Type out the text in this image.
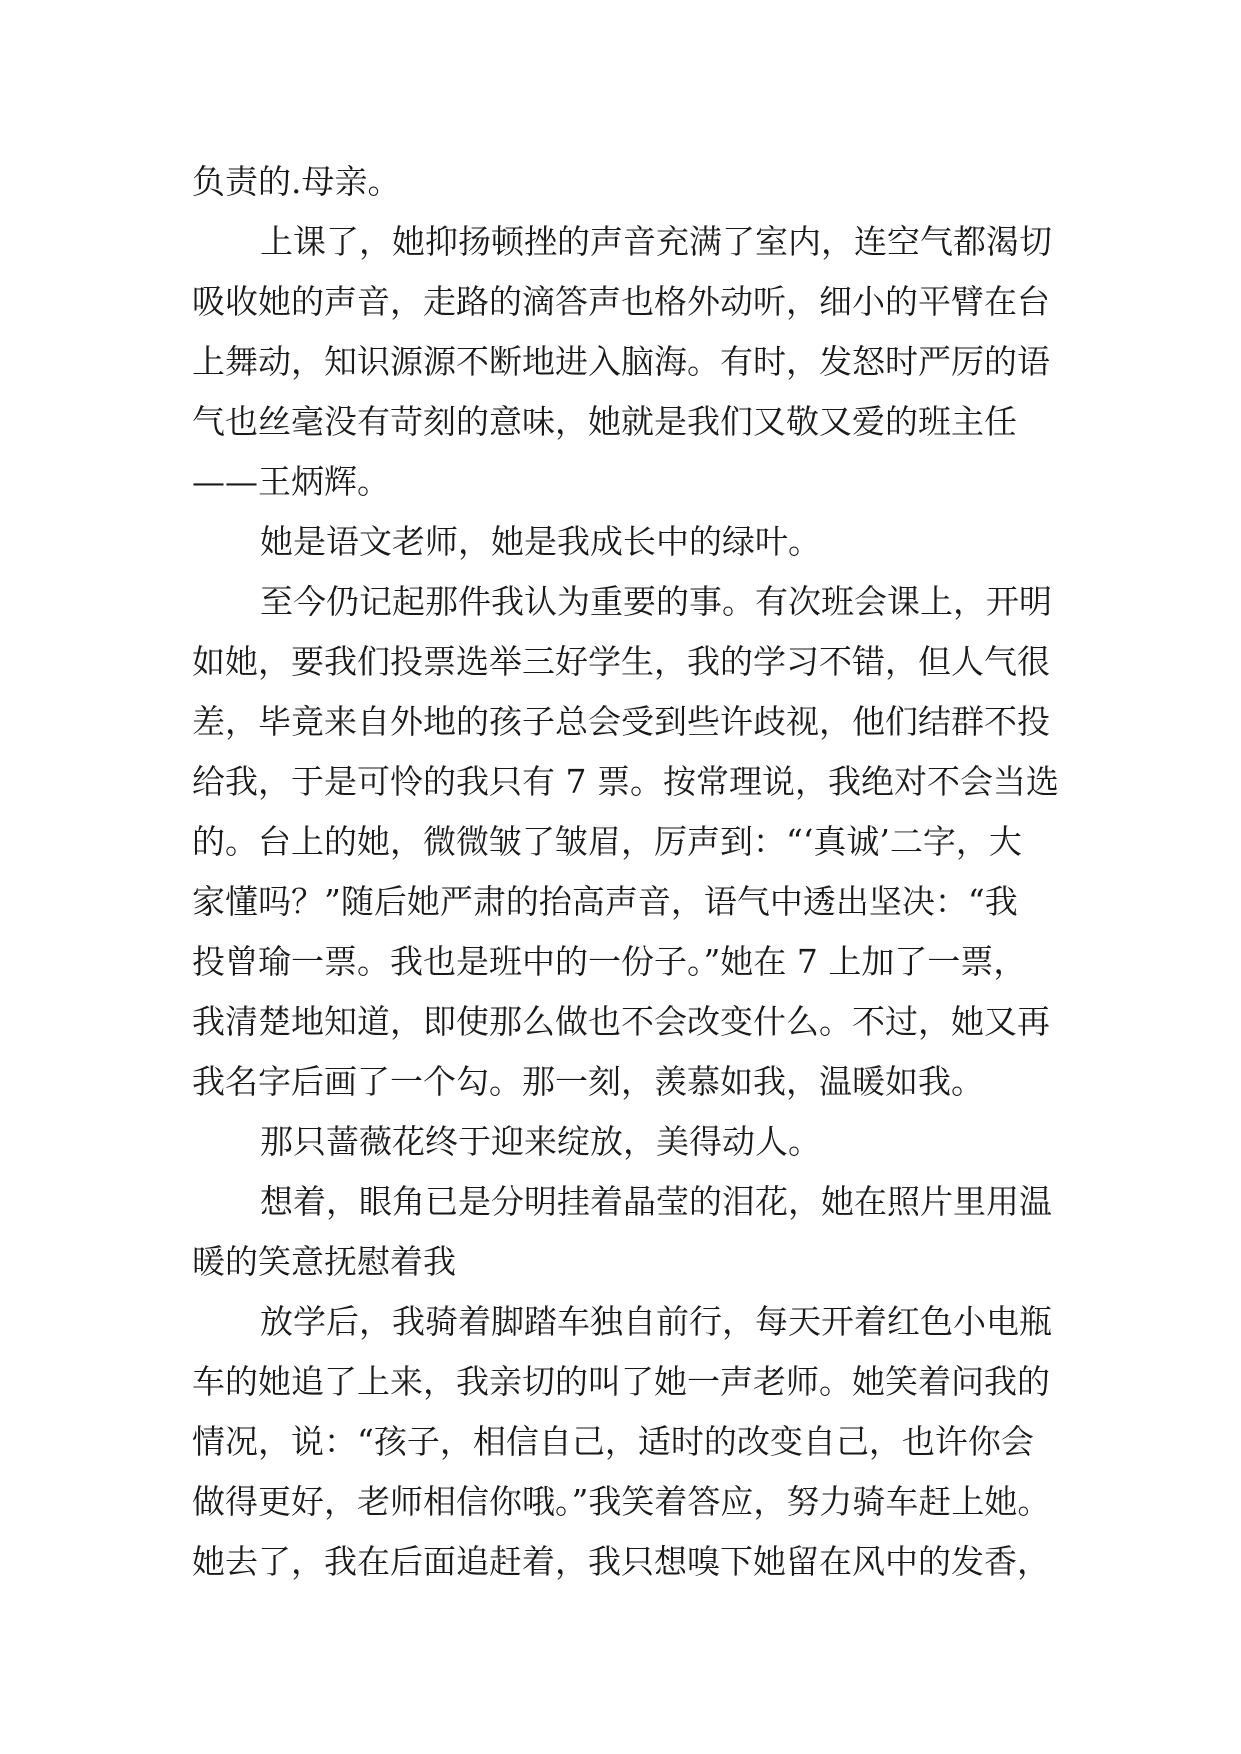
负责的.母亲。
上课了，她抑扬顿挫的声音充满了室内，连空气都渴切
吸收她的声音，走路的滴答声也格外动听，细小的平臂在台
上舞动，知识源源不断地进入脑海。有时，发怒时严厉的语
气也丝毫没有苛刻的意味，她就是我们又敬又爱的班主任
——王炳辉。
她是语文老师，她是我成长中的绿叶。
至今仍记起那件我认为重要的事。有次班会课上，开明
如她，要我们投票选举三好学生，我的学习不错，但人气很
差，毕竟来自外地的孩子总会受到些许歧视，他们结群不投
给我，于是可怜的我只有 7 票。按常理说，我绝对不会当选
的。台上的她，微微皱了皱眉，厉声到：“‘真诚’二字，大
家懂吗？”随后她严肃的抬高声音，语气中透出坚决：“我
投曾瑜一票。我也是班中的一份子。”她在 7 上加了一票，
我清楚地知道，即使那么做也不会改变什么。不过，她又再
我名字后画了一个勾。那一刻，羡慕如我，温暖如我。
那只蔷薇花终于迎来绽放，美得动人。
想着，眼角已是分明挂着晶莹的泪花，她在照片里用温
暖的笑意抚慰着我
放学后，我骑着脚踏车独自前行，每天开着红色小电瓶
车的她追了上来，我亲切的叫了她一声老师。她笑着问我的
情况，说：“孩子，相信自己，适时的改变自己，也许你会
做得更好，老师相信你哦。”我笑着答应，努力骑车赶上她。
她去了，我在后面追赶着，我只想嗅下她留在风中的发香，
